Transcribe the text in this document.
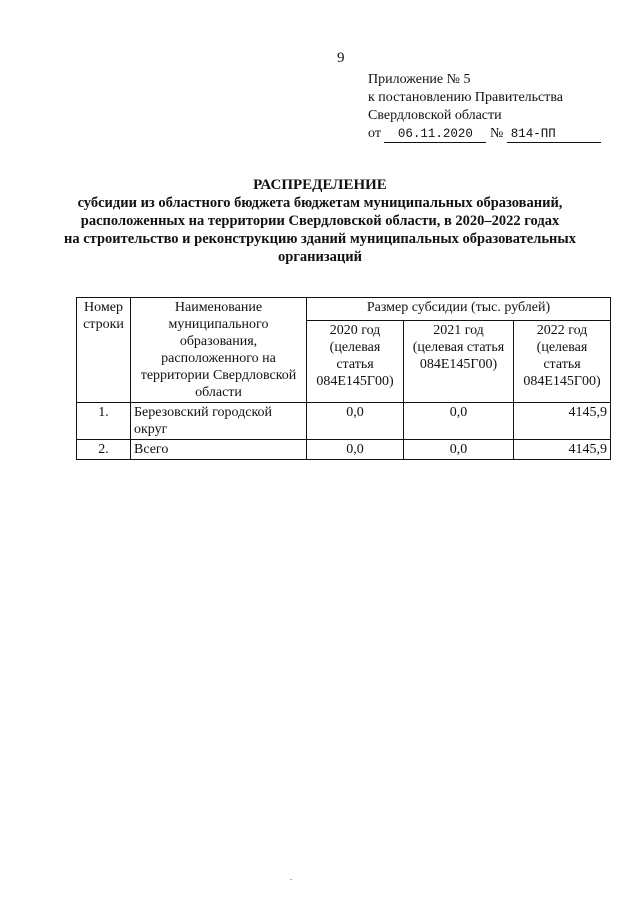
9
Приложение № 5
к постановлению Правительства
Свердловской области
от 06.11.2020 № 814-ПП
РАСПРЕДЕЛЕНИЕ
субсидии из областного бюджета бюджетам муниципальных образований,
расположенных на территории Свердловской области, в 2020–2022 годах
на строительство и реконструкцию зданий муниципальных образовательных
организаций
Номер строки	Наименование муниципального образования, расположенного на территории Свердловской области	Размер субсидии (тыс. рублей)		
		2020 год (целевая статья 084Е145Г00)	2021 год (целевая статья 084Е145Г00)	2022 год (целевая статья 084Е145Г00)
1.	Березовский городской округ	0,0	0,0	4145,9
2.	Всего	0,0	0,0	4145,9
.
